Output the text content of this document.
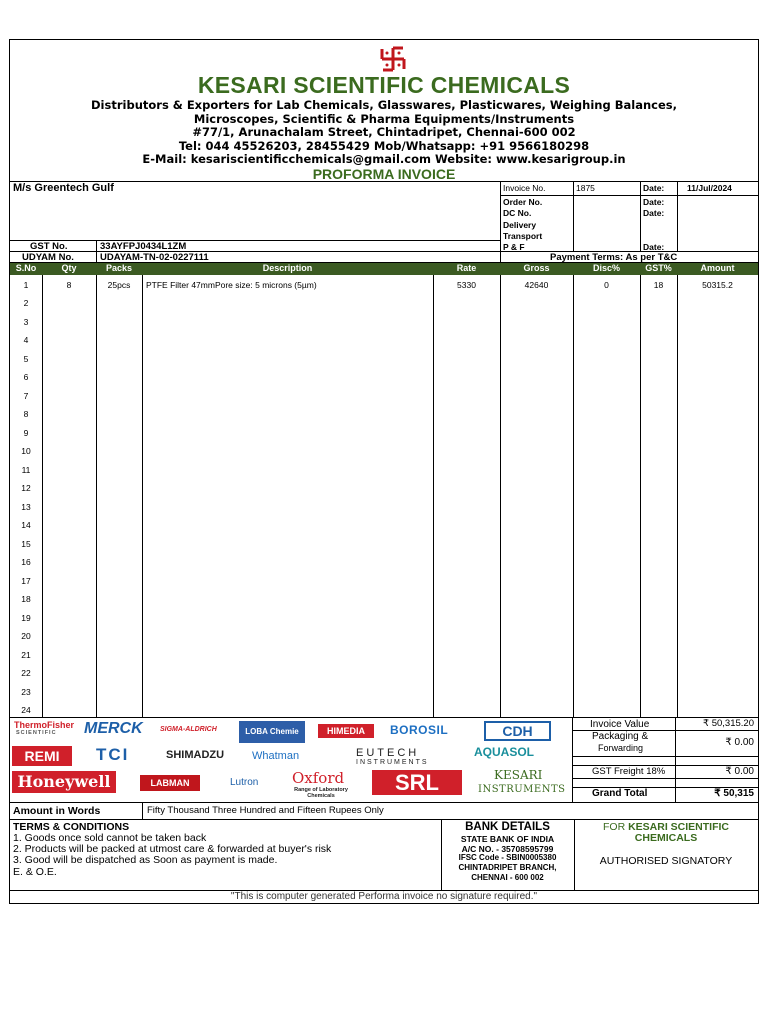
KESARI SCIENTIFIC CHEMICALS
Distributors & Exporters for Lab Chemicals, Glasswares, Plasticwares, Weighing Balances,
Microscopes, Scientific & Pharma Equipments/Instruments
#77/1, Arunachalam Street, Chintadripet, Chennai-600 002
Tel: 044 45526203, 28455429 Mob/Whatsapp: +91 9566180298
E-Mail: kesariscientificchemicals@gmail.com Website: www.kesarigroup.in
PROFORMA INVOICE
M/s Greentech Gulf	Invoice No.	1875	Date:	11/Jul/2024
Order No.	Date:
DC No.	Date:
Delivery
Transport
P & F	Date:
GST No.	33AYFPJ0434L1ZM
UDYAM No.	UDAYAM-TN-02-0227111	Payment Terms: As per T&C
S.No	Qty	Packs	Description	Rate	Gross	Disc%	GST%	Amount
1	8	25pcs	PTFE Filter 47mmPore size: 5 microns (5µm)	5330	42640	0	18	50315.2
2
3
4
5
6
7
8
9
10
11
12
13
14
15
16
17
18
19
20
21
22
23
24
ThermoFisher
SCIENTIFIC MERCK SIGMA-ALDRICH	LOBA Chemie	HIMEDIA	BOROSIL	CDH
REMI	TCI	SHIMADZU	Whatman	EUTECH
INSTRUMENTS
AQUASOL
Honeywell	LABMAN	Lutron Oxford
Range of Laboratory Chemicals
SRL	KESARI
INSTRUMENTS
Invoice Value	₹ 50,315.20
Packaging &
Forwarding	₹ 0.00
GST Freight 18%	₹ 0.00
Grand Total	₹ 50,315
Amount in Words	Fifty Thousand Three Hundred and Fifteen Rupees Only
TERMS & CONDITIONS
1. Goods once sold cannot be taken back
2. Products will be packed at utmost care & forwarded at buyer's risk
3. Good will be dispatched as Soon as payment is made.
E. & O.E.
BANK DETAILS
STATE BANK OF INDIA
A/C NO. - 35708595799
IFSC Code - SBIN0005380
CHINTADRIPET BRANCH,
CHENNAI - 600 002
FOR KESARI SCIENTIFIC
CHEMICALS
AUTHORISED SIGNATORY
"This is computer generated Performa invoice no signature required."
